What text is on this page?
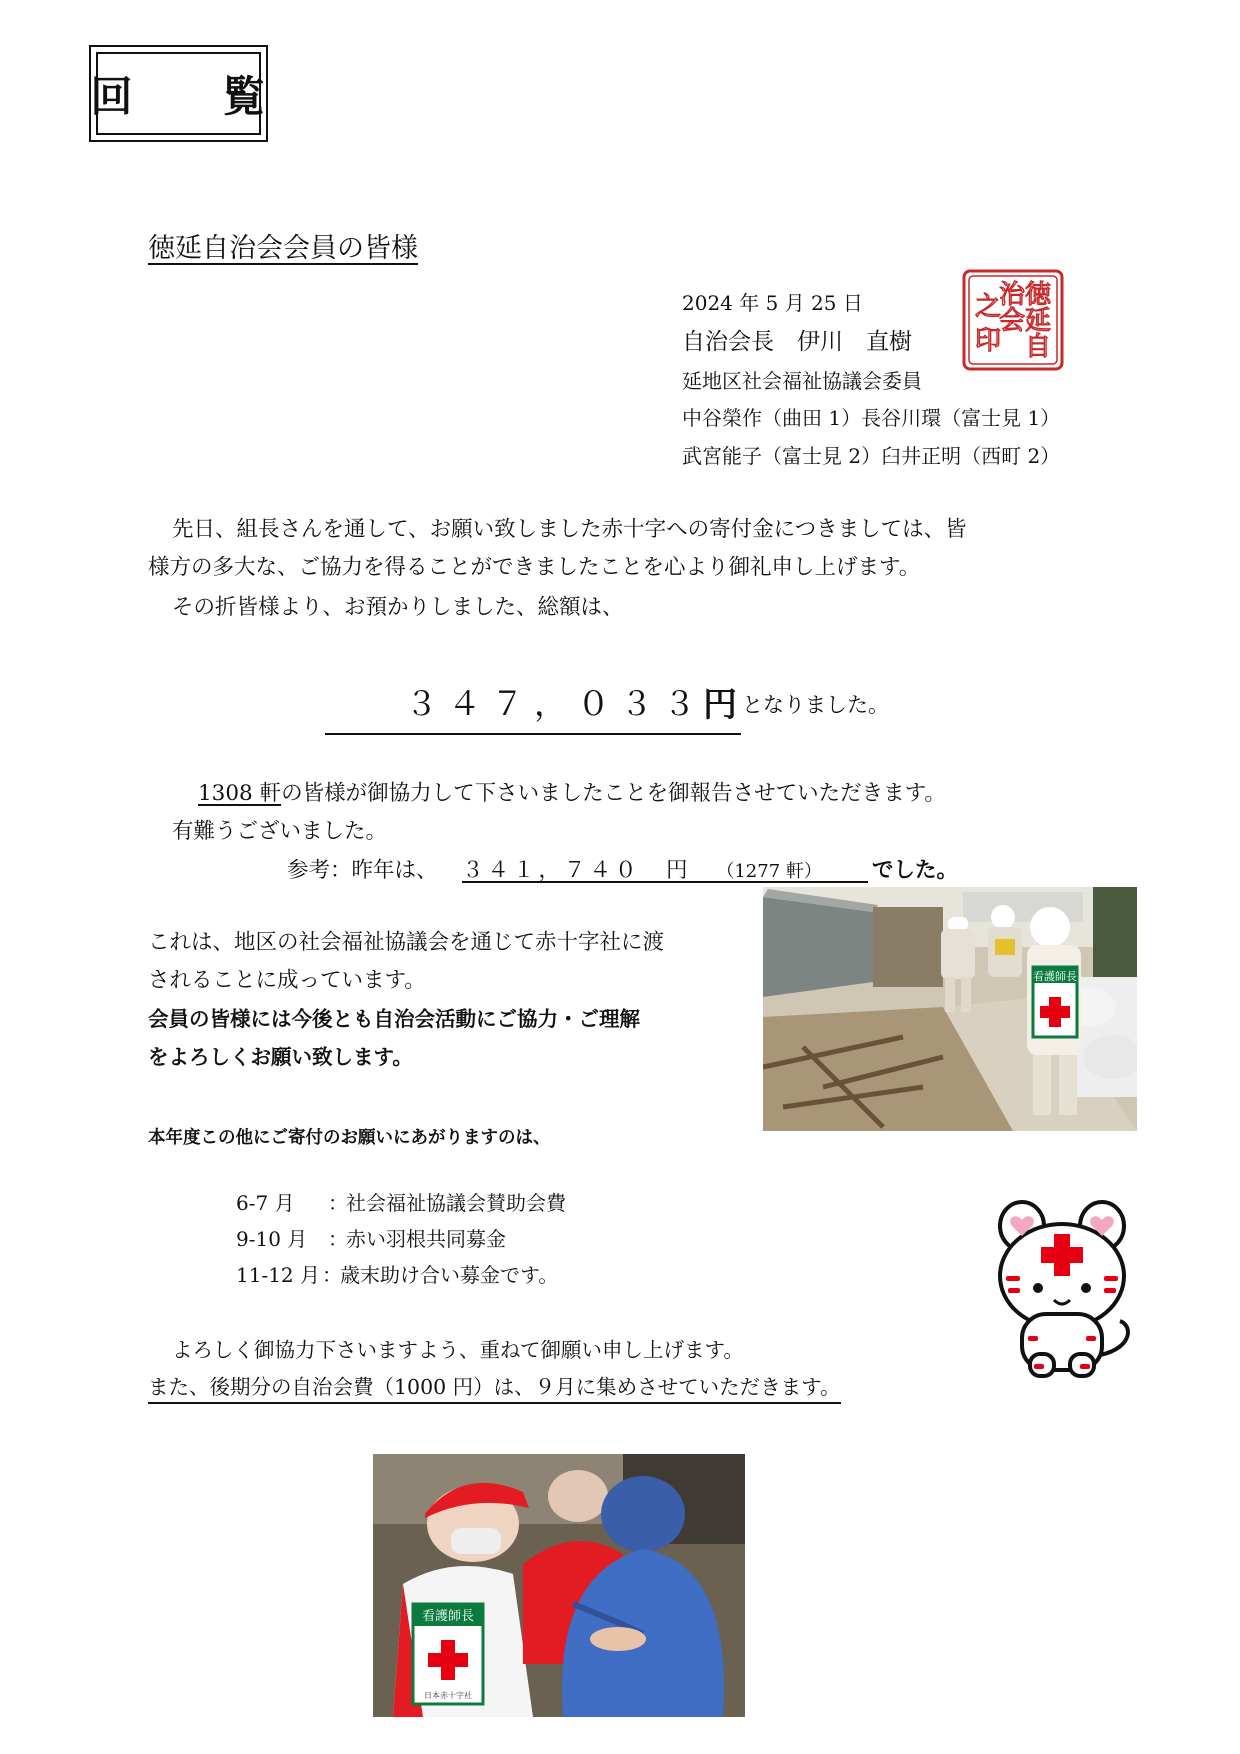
回　覧
徳延自治会会員の皆様
2024 年 5 月 25 日
自治会長　伊川　直樹
延地区社会福祉協議会委員
中谷榮作（曲田 1）長谷川環（富士見 1）
武宮能子（富士見 2）臼井正明（西町 2）
徳
延
自
治
会
之
印
先日、組長さんを通して、お願い致しました赤十字への寄付金につきましては、皆
様方の多大な、ご協力を得ることができましたことを心より御礼申し上げます。
その折皆様より、お預かりしました、総額は、
３４７，０３３
円 となりました。
1308 軒の皆様が御協力して下さいましたことを御報告させていただきます。
有難うございました。
参考：昨年は、 ３４１，７４０　円 （1277 軒）	でした。
これは、地区の社会福祉協議会を通じて赤十字社に渡
されることに成っています。
会員の皆様には今後とも自治会活動にご協力・ご理解
をよろしくお願い致します。
本年度この他にご寄付のお願いにあがりますのは、
6-7 月 ：
社会福祉協議会賛助会費
9-10 月 ：
赤い羽根共同募金
11-12 月 ：
歳末助け合い募金です。
よろしく御協力下さいますよう、重ねて御願い申し上げます。
また、後期分の自治会費（1000 円）は、９月に集めさせていただきます。
看護師長
看護師長
日本赤十字社
